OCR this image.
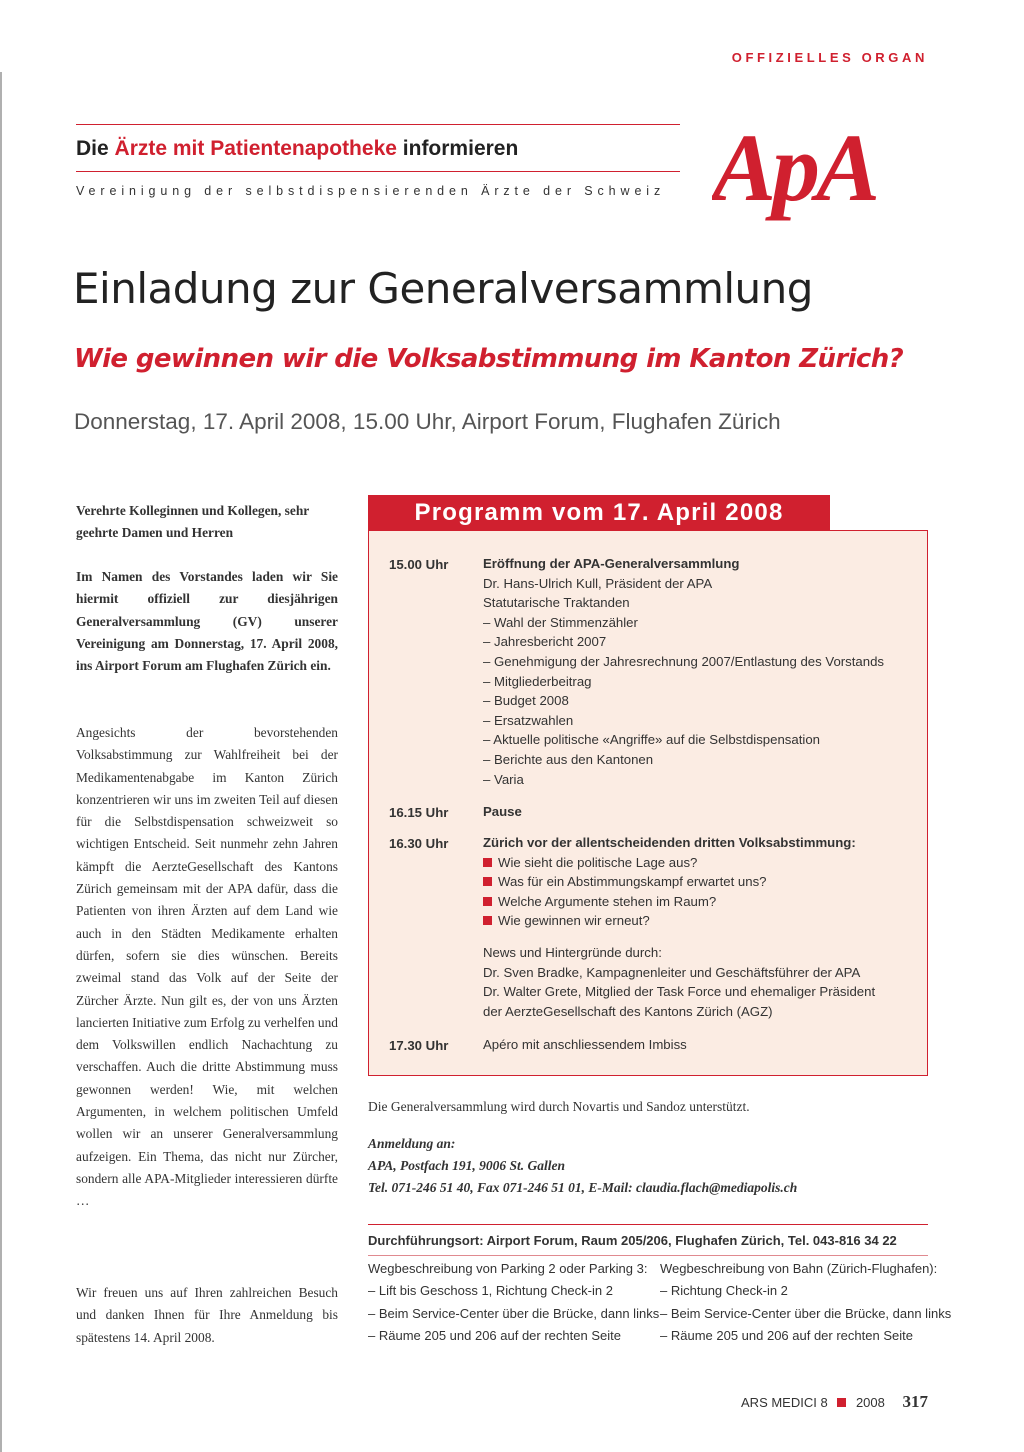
OFFIZIELLES ORGAN
Die Ärzte mit Patientenapotheke informieren
Vereinigung der selbstdispensierenden Ärzte der Schweiz ApA
Einladung zur Generalversammlung
Wie gewinnen wir die Volksabstimmung im Kanton Zürich?
Donnerstag, 17. April 2008, 15.00 Uhr, Airport Forum, Flughafen Zürich

Verehrte Kolleginnen und Kollegen, sehr geehrte Damen und Herren

Im Namen des Vorstandes laden wir Sie hiermit offiziell zur diesjährigen Generalversammlung (GV) unserer Vereinigung am Donnerstag, 17. April 2008, ins Airport Forum am Flughafen Zürich ein.

Angesichts der bevorstehenden Volksabstimmung zur Wahlfreiheit bei der Medikamentenabgabe im Kanton Zürich konzentrieren wir uns im zweiten Teil auf diesen für die Selbstdispensation schweizweit so wichtigen Entscheid. Seit nunmehr zehn Jahren kämpft die AerzteGesellschaft des Kantons Zürich gemeinsam mit der APA dafür, dass die Patienten von ihren Ärzten auf dem Land wie auch in den Städten Medikamente erhalten dürfen, sofern sie dies wünschen. Bereits zweimal stand das Volk auf der Seite der Zürcher Ärzte. Nun gilt es, der von uns Ärzten lancierten Initiative zum Erfolg zu verhelfen und dem Volkswillen endlich Nachachtung zu verschaffen. Auch die dritte Abstimmung muss gewonnen werden! Wie, mit welchen Argumenten, in welchem politischen Umfeld wollen wir an unserer Generalversammlung aufzeigen. Ein Thema, das nicht nur Zürcher, sondern alle APA-Mitglieder interessieren dürfte …

Wir freuen uns auf Ihren zahlreichen Besuch und danken Ihnen für Ihre Anmeldung bis spätestens 14. April 2008.

Programm vom 17. April 2008
15.00 Uhr	Eröffnung der APA-Generalversammlung
Dr. Hans-Ulrich Kull, Präsident der APA
Statutarische Traktanden
– Wahl der Stimmenzähler
– Jahresbericht 2007
– Genehmigung der Jahresrechnung 2007/Entlastung des Vorstands
– Mitgliederbeitrag
– Budget 2008
– Ersatzwahlen
– Aktuelle politische «Angriffe» auf die Selbstdispensation
– Berichte aus den Kantonen
– Varia
16.15 Uhr	Pause
16.30 Uhr	Zürich vor der allentscheidenden dritten Volksabstimmung:
Wie sieht die politische Lage aus?
Was für ein Abstimmungskampf erwartet uns?
Welche Argumente stehen im Raum?
Wie gewinnen wir erneut?
News und Hintergründe durch:
Dr. Sven Bradke, Kampagnenleiter und Geschäftsführer der APA
Dr. Walter Grete, Mitglied der Task Force und ehemaliger Präsident
der AerzteGesellschaft des Kantons Zürich (AGZ)
17.30 Uhr	Apéro mit anschliessendem Imbiss
Die Generalversammlung wird durch Novartis und Sandoz unterstützt.
Anmeldung an:
APA, Postfach 191, 9006 St. Gallen
Tel. 071-246 51 40, Fax 071-246 51 01, E-Mail: claudia.flach@mediapolis.ch
Durchführungsort: Airport Forum, Raum 205/206, Flughafen Zürich, Tel. 043-816 34 22
Wegbeschreibung von Parking 2 oder Parking 3:
– Lift bis Geschoss 1, Richtung Check-in 2
– Beim Service-Center über die Brücke, dann links
– Räume 205 und 206 auf der rechten Seite
Wegbeschreibung von Bahn (Zürich-Flughafen):
– Richtung Check-in 2
– Beim Service-Center über die Brücke, dann links
– Räume 205 und 206 auf der rechten Seite
ARS MEDICI 8 2008 317
